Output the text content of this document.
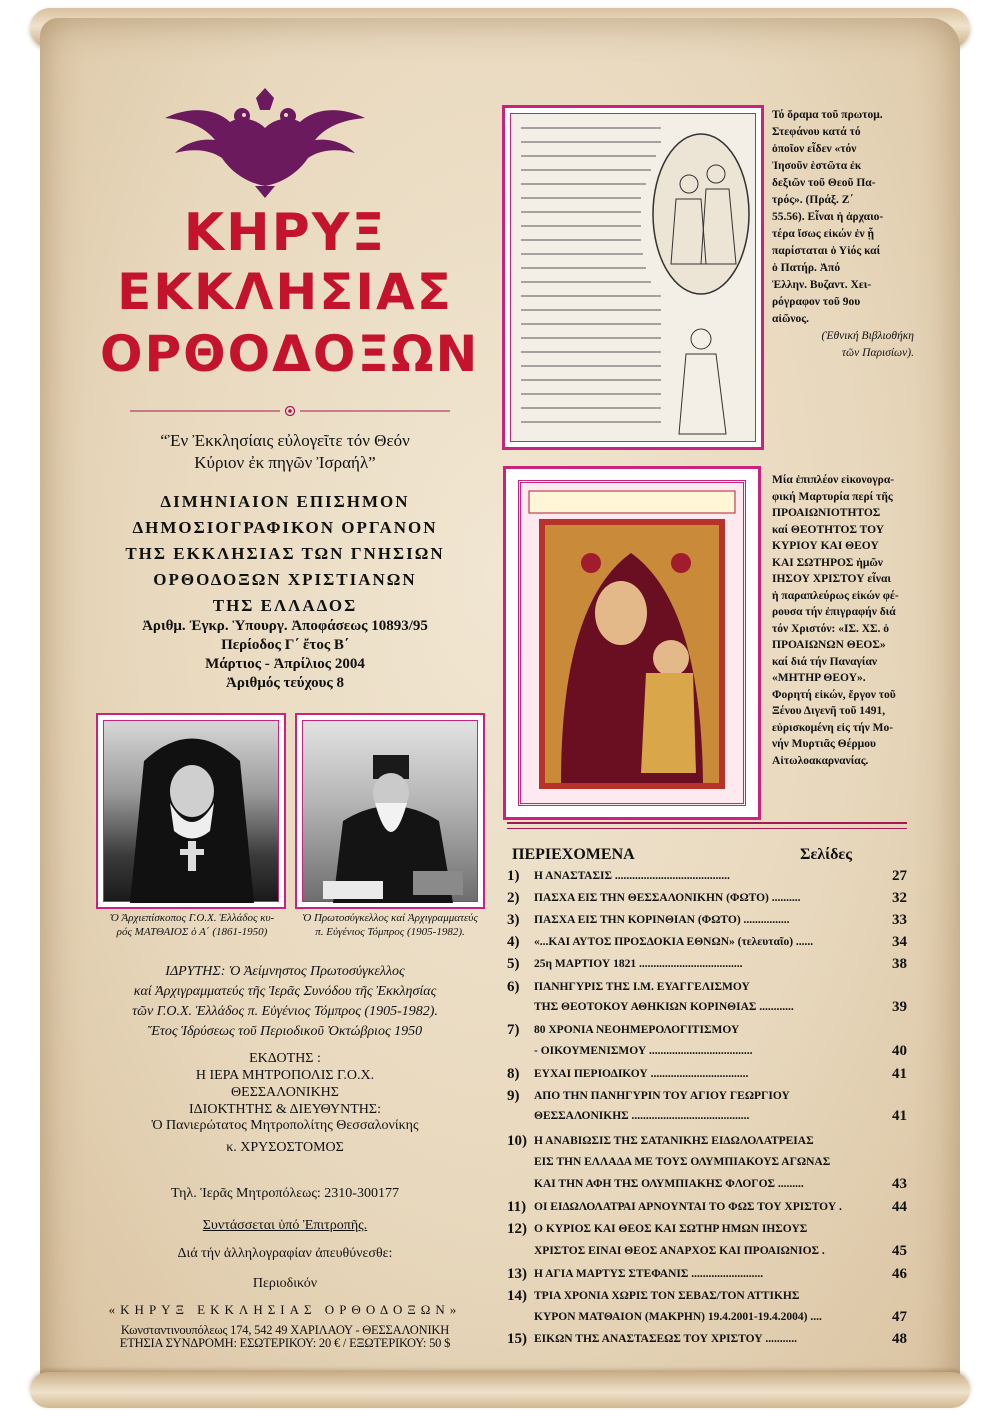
ΚΗΡΥΞ
ΕΚΚΛΗΣΙΑΣ
ΟΡΘΟΔΟΞΩΝ
“Ἐν Ἐκκλησίαις εὐλογεῖτε τόν Θεόν
Κύριον ἐκ πηγῶν Ἰσραήλ”
ΔΙΜΗΝΙΑΙΟΝ ΕΠΙΣΗΜΟΝ
ΔΗΜΟΣΙΟΓΡΑΦΙΚΟΝ ΟΡΓΑΝΟΝ
ΤΗΣ ΕΚΚΛΗΣΙΑΣ ΤΩΝ ΓΝΗΣΙΩΝ
ΟΡΘΟΔΟΞΩΝ ΧΡΙΣΤΙΑΝΩΝ
ΤΗΣ ΕΛΛΑΔΟΣ
Ἀριθμ. Ἐγκρ. Ὑπουργ. Ἀποφάσεως 10893/95
Περίοδος Γ΄ ἔτος Β΄
Μάρτιος - Ἀπρίλιος 2004
Ἀριθμός τεύχους 8
Ὁ Ἀρχιεπίσκοπος Γ.Ο.Χ. Ἑλλάδος κυ-
ρός ΜΑΤΘΑΙΟΣ ὁ Α΄ (1861-1950)
Ὁ Πρωτοσύγκελλος καί Ἀρχιγραμματεύς
π. Εὐγένιος Τόμπρος (1905-1982).
ΙΔΡΥΤΗΣ: Ὁ Ἀείμνηστος Πρωτοσύγκελλος
καί Ἀρχιγραμματεύς τῆς Ἱερᾶς Συνόδου τῆς Ἐκκλησίας
τῶν Γ.Ο.Χ. Ἑλλάδος π. Εὐγένιος Τόμπρος (1905-1982).
Ἔτος Ἱδρύσεως τοῦ Περιοδικοῦ Ὀκτώβριος 1950
ΕΚΔΟΤΗΣ :
Η ΙΕΡΑ ΜΗΤΡΟΠΟΛΙΣ Γ.Ο.Χ.
ΘΕΣΣΑΛΟΝΙΚΗΣ
ΙΔΙΟΚΤΗΤΗΣ & ΔΙΕΥΘΥΝΤΗΣ:
Ὁ Πανιερώτατος Μητροπολίτης Θεσσαλονίκης
κ. ΧΡΥΣΟΣΤΟΜΟΣ
Τηλ. Ἱερᾶς Μητροπόλεως: 2310-300177
Συντάσσεται ὑπό Ἐπιτροπῆς.
Διά τήν ἀλληλογραφίαν ἀπευθύνεσθε:
Περιοδικόν
«ΚΗΡΥΞ ΕΚΚΛΗΣΙΑΣ ΟΡΘΟΔΟΞΩΝ»
Κωνσταντινουπόλεως 174, 542 49 ΧΑΡΙΛΑΟΥ - ΘΕΣΣΑΛΟΝΙΚΗ
ΕΤΗΣΙΑ ΣΥΝΔΡΟΜΗ: ΕΣΩΤΕΡΙΚΟΥ: 20 € / ΕΞΩΤΕΡΙΚΟΥ: 50 $
Τό ὅραμα τοῦ πρωτομ.
Στεφάνου κατά τό
ὁποῖον εἶδεν «τόν
Ἰησοῦν ἑστῶτα ἐκ
δεξιῶν τοῦ Θεοῦ Πα-
τρός». (Πράξ. Ζ΄
55.56). Εἶναι ἡ ἀρχαιο-
τέρα ἴσως εἰκών ἐν ᾗ
παρίσταται ὁ Υἱός καί
ὁ Πατήρ. Ἀπό
Ἑλλην. Βυζαντ. Χει-
ρόγραφον τοῦ 9ου
αἰῶνος.
(Ἐθνική Βιβλιοθήκη
τῶν Παρισίων).
Μία ἐπιπλέον εἰκονογρα-
φική Μαρτυρία περί τῆς
ΠΡΟΑΙΩΝΙΟΤΗΤΟΣ
καί ΘΕΟΤΗΤΟΣ ΤΟΥ
ΚΥΡΙΟΥ ΚΑΙ ΘΕΟΥ
ΚΑΙ ΣΩΤΗΡΟΣ ἡμῶν
ΙΗΣΟΥ ΧΡΙΣΤΟΥ εἶναι
ἡ παραπλεύρως εἰκών φέ-
ρουσα τήν ἐπιγραφήν διά
τόν Χριστόν: «ΙΣ. ΧΣ. ὁ
ΠΡΟΑΙΩΝΩΝ ΘΕΟΣ»
καί διά τήν Παναγίαν
«ΜΗΤΗΡ ΘΕΟΥ».
Φορητή εἰκών, ἔργον τοῦ
Ξένου Διγενῆ τοῦ 1491,
εὑρισκομένη εἰς τήν Μο-
νήν Μυρτιᾶς Θέρμου
Αἰτωλοακαρνανίας.
ΠΕΡΙΕΧΟΜΕΝΑ	Σελίδες
1) Η ΑΝΑΣΤΑΣΙΣ ........................................	27
2) ΠΑΣΧΑ ΕΙΣ ΤΗΝ ΘΕΣΣΑΛΟΝΙΚΗΝ (ΦΩΤΟ) ..........	32
3) ΠΑΣΧΑ ΕΙΣ ΤΗΝ ΚΟΡΙΝΘΙΑΝ (ΦΩΤΟ) ................	33
4) «...ΚΑΙ ΑΥΤΟΣ ΠΡΟΣΔΟΚΙΑ ΕΘΝΩΝ» (τελευταῖο) ......	34
5) 25η ΜΑΡΤΙΟΥ 1821 ....................................	38
6) ΠΑΝΗΓΥΡΙΣ ΤΗΣ Ι.Μ. ΕΥΑΓΓΕΛΙΣΜΟΥ
ΤΗΣ ΘΕΟΤΟΚΟΥ ΑΘΗΚΙΩΝ ΚΟΡΙΝΘΙΑΣ ............	39
7) 80 ΧΡΟΝΙΑ ΝΕΟΗΜΕΡΟΛΟΓΙΤΙΣΜΟΥ
- ΟΙΚΟΥΜΕΝΙΣΜΟΥ ....................................	40
8) ΕΥΧΑΙ ΠΕΡΙΟΔΙΚΟΥ ..................................	41
9) ΑΠΟ ΤΗΝ ΠΑΝΗΓΥΡΙΝ ΤΟΥ ΑΓΙΟΥ ΓΕΩΡΓΙΟΥ
ΘΕΣΣΑΛΟΝΙΚΗΣ .........................................	41
10) Η ΑΝΑΒΙΩΣΙΣ ΤΗΣ ΣΑΤΑΝΙΚΗΣ ΕΙΔΩΛΟΛΑΤΡΕΙΑΣ
ΕΙΣ ΤΗΝ ΕΛΛΑΔΑ ΜΕ ΤΟΥΣ ΟΛΥΜΠΙΑΚΟΥΣ ΑΓΩΝΑΣ
ΚΑΙ ΤΗΝ ΑΦΗ ΤΗΣ ΟΛΥΜΠΙΑΚΗΣ ΦΛΟΓΟΣ .........	43
11) ΟΙ ΕΙΔΩΛΟΛΑΤΡΑΙ ΑΡΝΟΥΝΤΑΙ ΤΟ ΦΩΣ ΤΟΥ ΧΡΙΣΤΟΥ .	44
12) Ο ΚΥΡΙΟΣ ΚΑΙ ΘΕΟΣ ΚΑΙ ΣΩΤΗΡ ΗΜΩΝ ΙΗΣΟΥΣ
ΧΡΙΣΤΟΣ ΕΙΝΑΙ ΘΕΟΣ ΑΝΑΡΧΟΣ ΚΑΙ ΠΡΟΑΙΩΝΙΟΣ .	45
13) Η ΑΓΙΑ ΜΑΡΤΥΣ ΣΤΕΦΑΝΙΣ .........................	46
14) ΤΡΙΑ ΧΡΟΝΙΑ ΧΩΡΙΣ ΤΟΝ ΣΕΒΑΣ/ΤΟΝ ΑΤΤΙΚΗΣ
ΚΥΡΟΝ ΜΑΤΘΑΙΟΝ (ΜΑΚΡΗΝ) 19.4.2001-19.4.2004) ....	47
15) ΕΙΚΩΝ ΤΗΣ ΑΝΑΣΤΑΣΕΩΣ ΤΟΥ ΧΡΙΣΤΟΥ ...........	48
